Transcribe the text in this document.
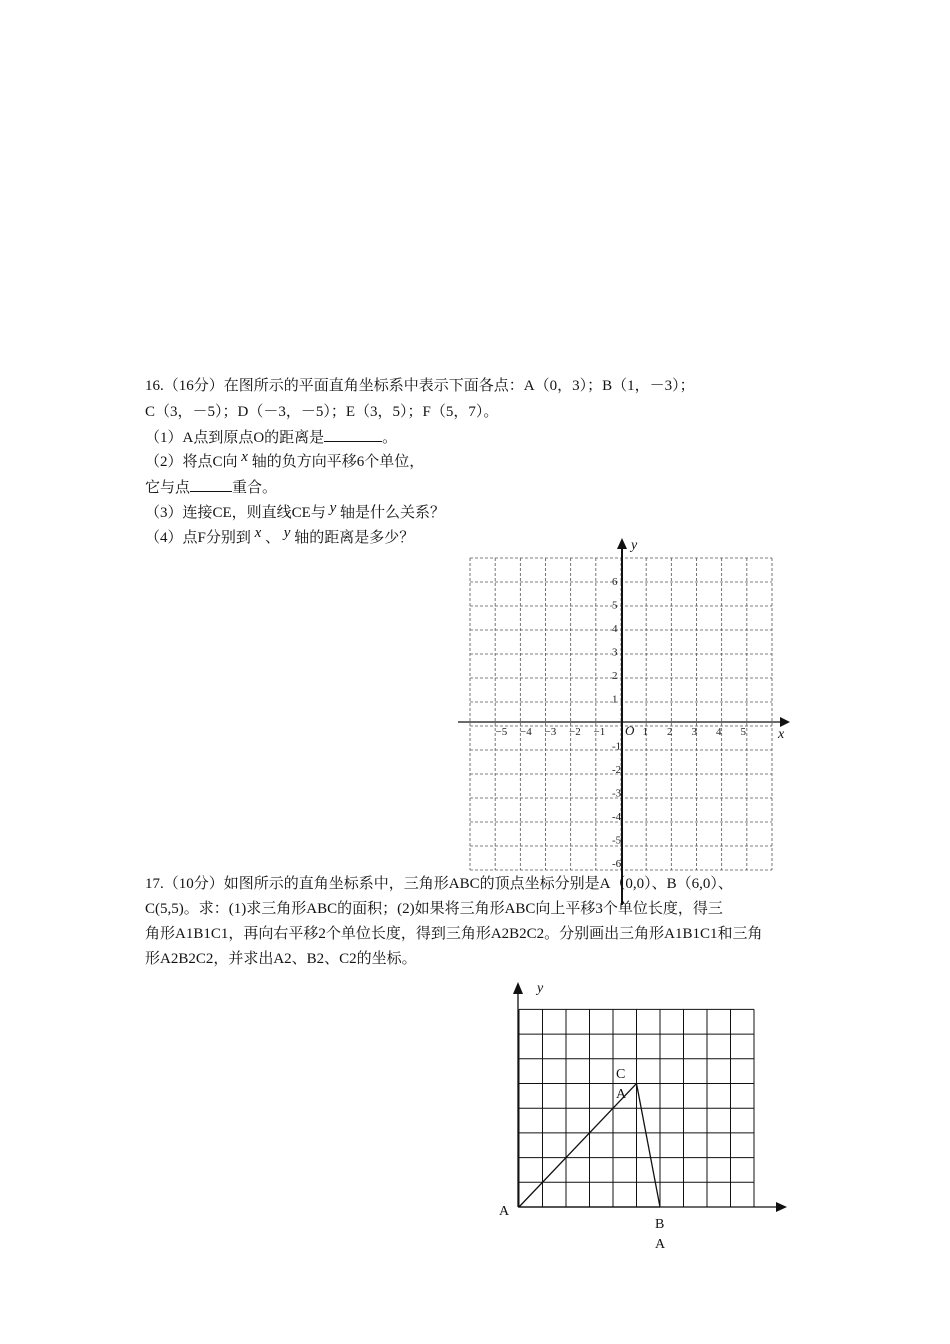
16.（16分）在图所示的平面直角坐标系中表示下面各点：A（0，3）；B（1，－3）；
C（3，－5）；D（－3，－5）；E（3，5）；F（5，7）。
（1）A点到原点O的距离是	。
（2）将点C向 x 轴的负方向平移6个单位，
它与点	重合。
（3）连接CE，则直线CE与 y 轴是什么关系？
（4）点F分别到 x 、 y 轴的距离是多少？
x
y
O
−5 −4 −3 −2 −1	1 2 3 4 5
6
5
4
3
2
1
-1
-2
-3
-4
-5
-6
17.（10分）如图所示的直角坐标系中，三角形ABC的顶点坐标分别是A（0,0）、B（6,0）、
C(5,5)。求：(1)求三角形ABC的面积；(2)如果将三角形ABC向上平移3个单位长度，得三
角形A1B1C1，再向右平移2个单位长度，得到三角形A2B2C2。分别画出三角形A1B1C1和三角
形A2B2C2，并求出A2、B2、C2的坐标。
y
A
B
A
C
A
